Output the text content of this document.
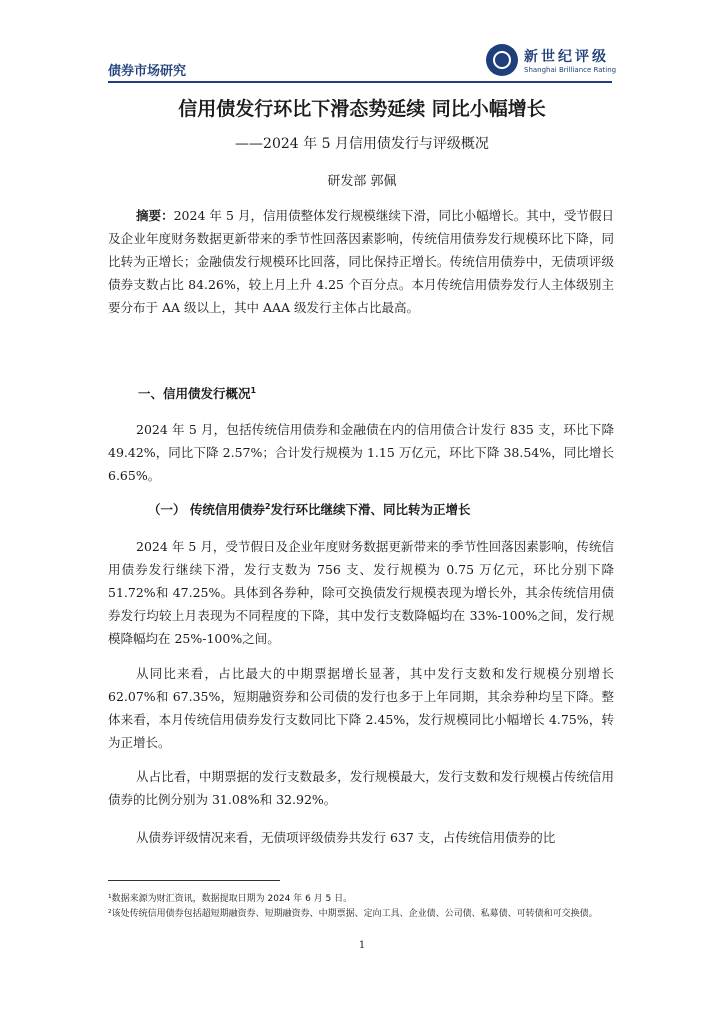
债券市场研究
新世纪评级
Shanghai Brilliance Rating
信用债发行环比下滑态势延续 同比小幅增长
——2024 年 5 月信用债发行与评级概况
研发部 郭佩
摘要：2024 年 5 月，信用债整体发行规模继续下滑，同比小幅增长。其中，受节假日及企业年度财务数据更新带来的季节性回落因素影响，传统信用债券发行规模环比下降，同比转为正增长；金融债发行规模环比回落，同比保持正增长。传统信用债券中，无债项评级债券支数占比 84.26%，较上月上升 4.25 个百分点。本月传统信用债券发行人主体级别主要分布于 AA 级以上，其中 AAA 级发行主体占比最高。
一、信用债发行概况$^1$
2024 年 5 月，包括传统信用债券和金融债在内的信用债合计发行 835 支，环比下降 49.42%，同比下降 2.57%；合计发行规模为 1.15 万亿元，环比下降 38.54%，同比增长 6.65%。
（一） 传统信用债券$^2$发行环比继续下滑、同比转为正增长
2024 年 5 月，受节假日及企业年度财务数据更新带来的季节性回落因素影响，传统信用债券发行继续下滑，发行支数为 756 支、发行规模为 0.75 万亿元，环比分别下降 51.72%和 47.25%。具体到各券种，除可交换债发行规模表现为增长外，其余传统信用债券发行均较上月表现为不同程度的下降，其中发行支数降幅均在 33%-100%之间，发行规模降幅均在 25%-100%之间。
从同比来看，占比最大的中期票据增长显著，其中发行支数和发行规模分别增长 62.07%和 67.35%，短期融资券和公司债的发行也多于上年同期，其余券种均呈下降。整体来看，本月传统信用债券发行支数同比下降 2.45%，发行规模同比小幅增长 4.75%，转为正增长。
从占比看，中期票据的发行支数最多，发行规模最大，发行支数和发行规模占传统信用债券的比例分别为 31.08%和 32.92%。
从债券评级情况来看，无债项评级债券共发行 637 支，占传统信用债券的比
¹数据来源为财汇资讯，数据提取日期为 2024 年 6 月 5 日。
²该处传统信用债券包括超短期融资券、短期融资券、中期票据、定向工具、企业债、公司债、私募债、可转债和可交换债。
1
